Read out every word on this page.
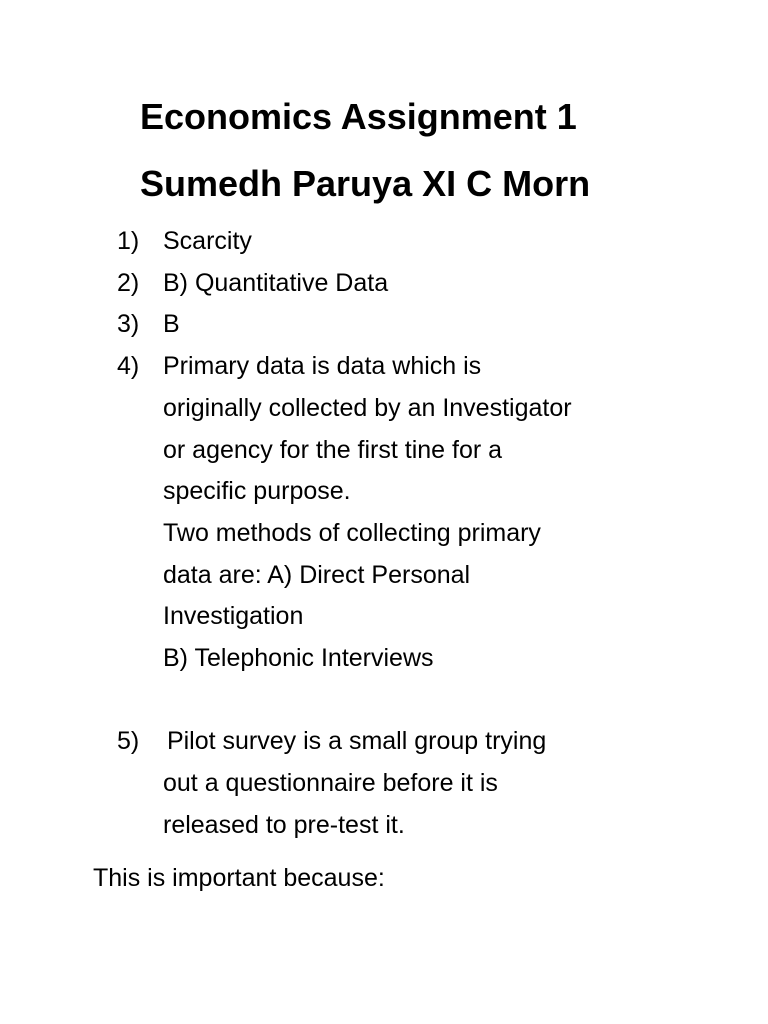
Economics Assignment 1
Sumedh Paruya XI C Morn
1) Scarcity
2) B) Quantitative Data
3) B
4) Primary data is data which is
originally collected by an Investigator
or agency for the first tine for a
specific purpose.
Two methods of collecting primary
data are: A) Direct Personal
Investigation
B) Telephonic Interviews
5) Pilot survey is a small group trying
out a questionnaire before it is
released to pre-test it.
This is important because:
